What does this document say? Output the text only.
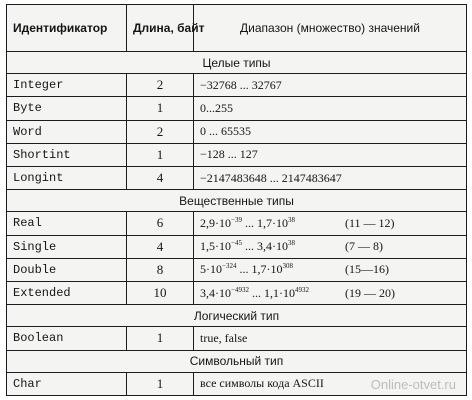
Идентификатор	Длина, байт	Диапазон (множество) значений
Целые типы		
Integer	2	−32768 ... 32767
Byte	1	0...255
Word	2	0 ... 65535
Shortint	1	−128 ... 127
Longint	4	−2147483648 ... 2147483647
Вещественные типы		
Real	6	$2,9\cdot 10^{-39}$ ... $1,7\cdot 10^{38}$ (11 — 12)
Single	4	$1,5\cdot 10^{-45}$ ... $3,4\cdot 10^{38}$ (7 — 8)
Double	8	$5\cdot 10^{-324}$ ... $1,7\cdot 10^{308}$ (15—16)
Extended	10	$3,4\cdot 10^{-4932}$ ... $1,1\cdot 10^{4932}$ (19 — 20)
Логический тип		
Boolean	1	true, false
Символьный тип		
Char	1	все символы кода ASCII	Online-otvet.ru
